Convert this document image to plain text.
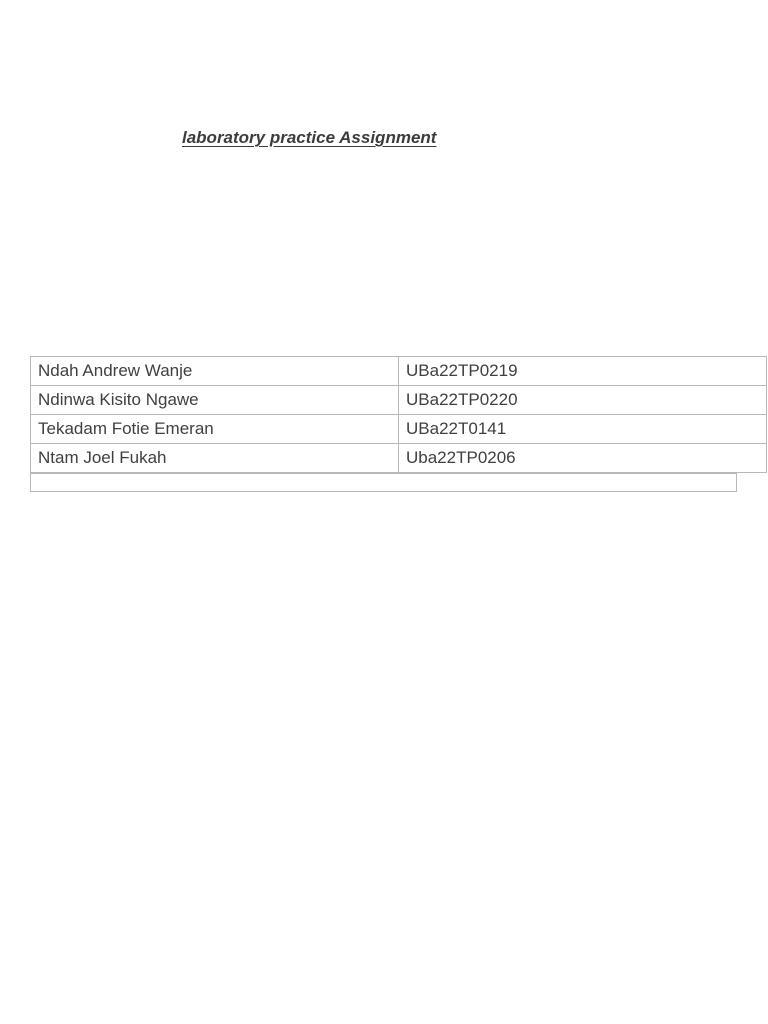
laboratory practice Assignment
Ndah Andrew Wanje	UBa22TP0219
Ndinwa Kisito Ngawe	UBa22TP0220
Tekadam Fotie Emeran	UBa22T0141
Ntam Joel Fukah	Uba22TP0206
